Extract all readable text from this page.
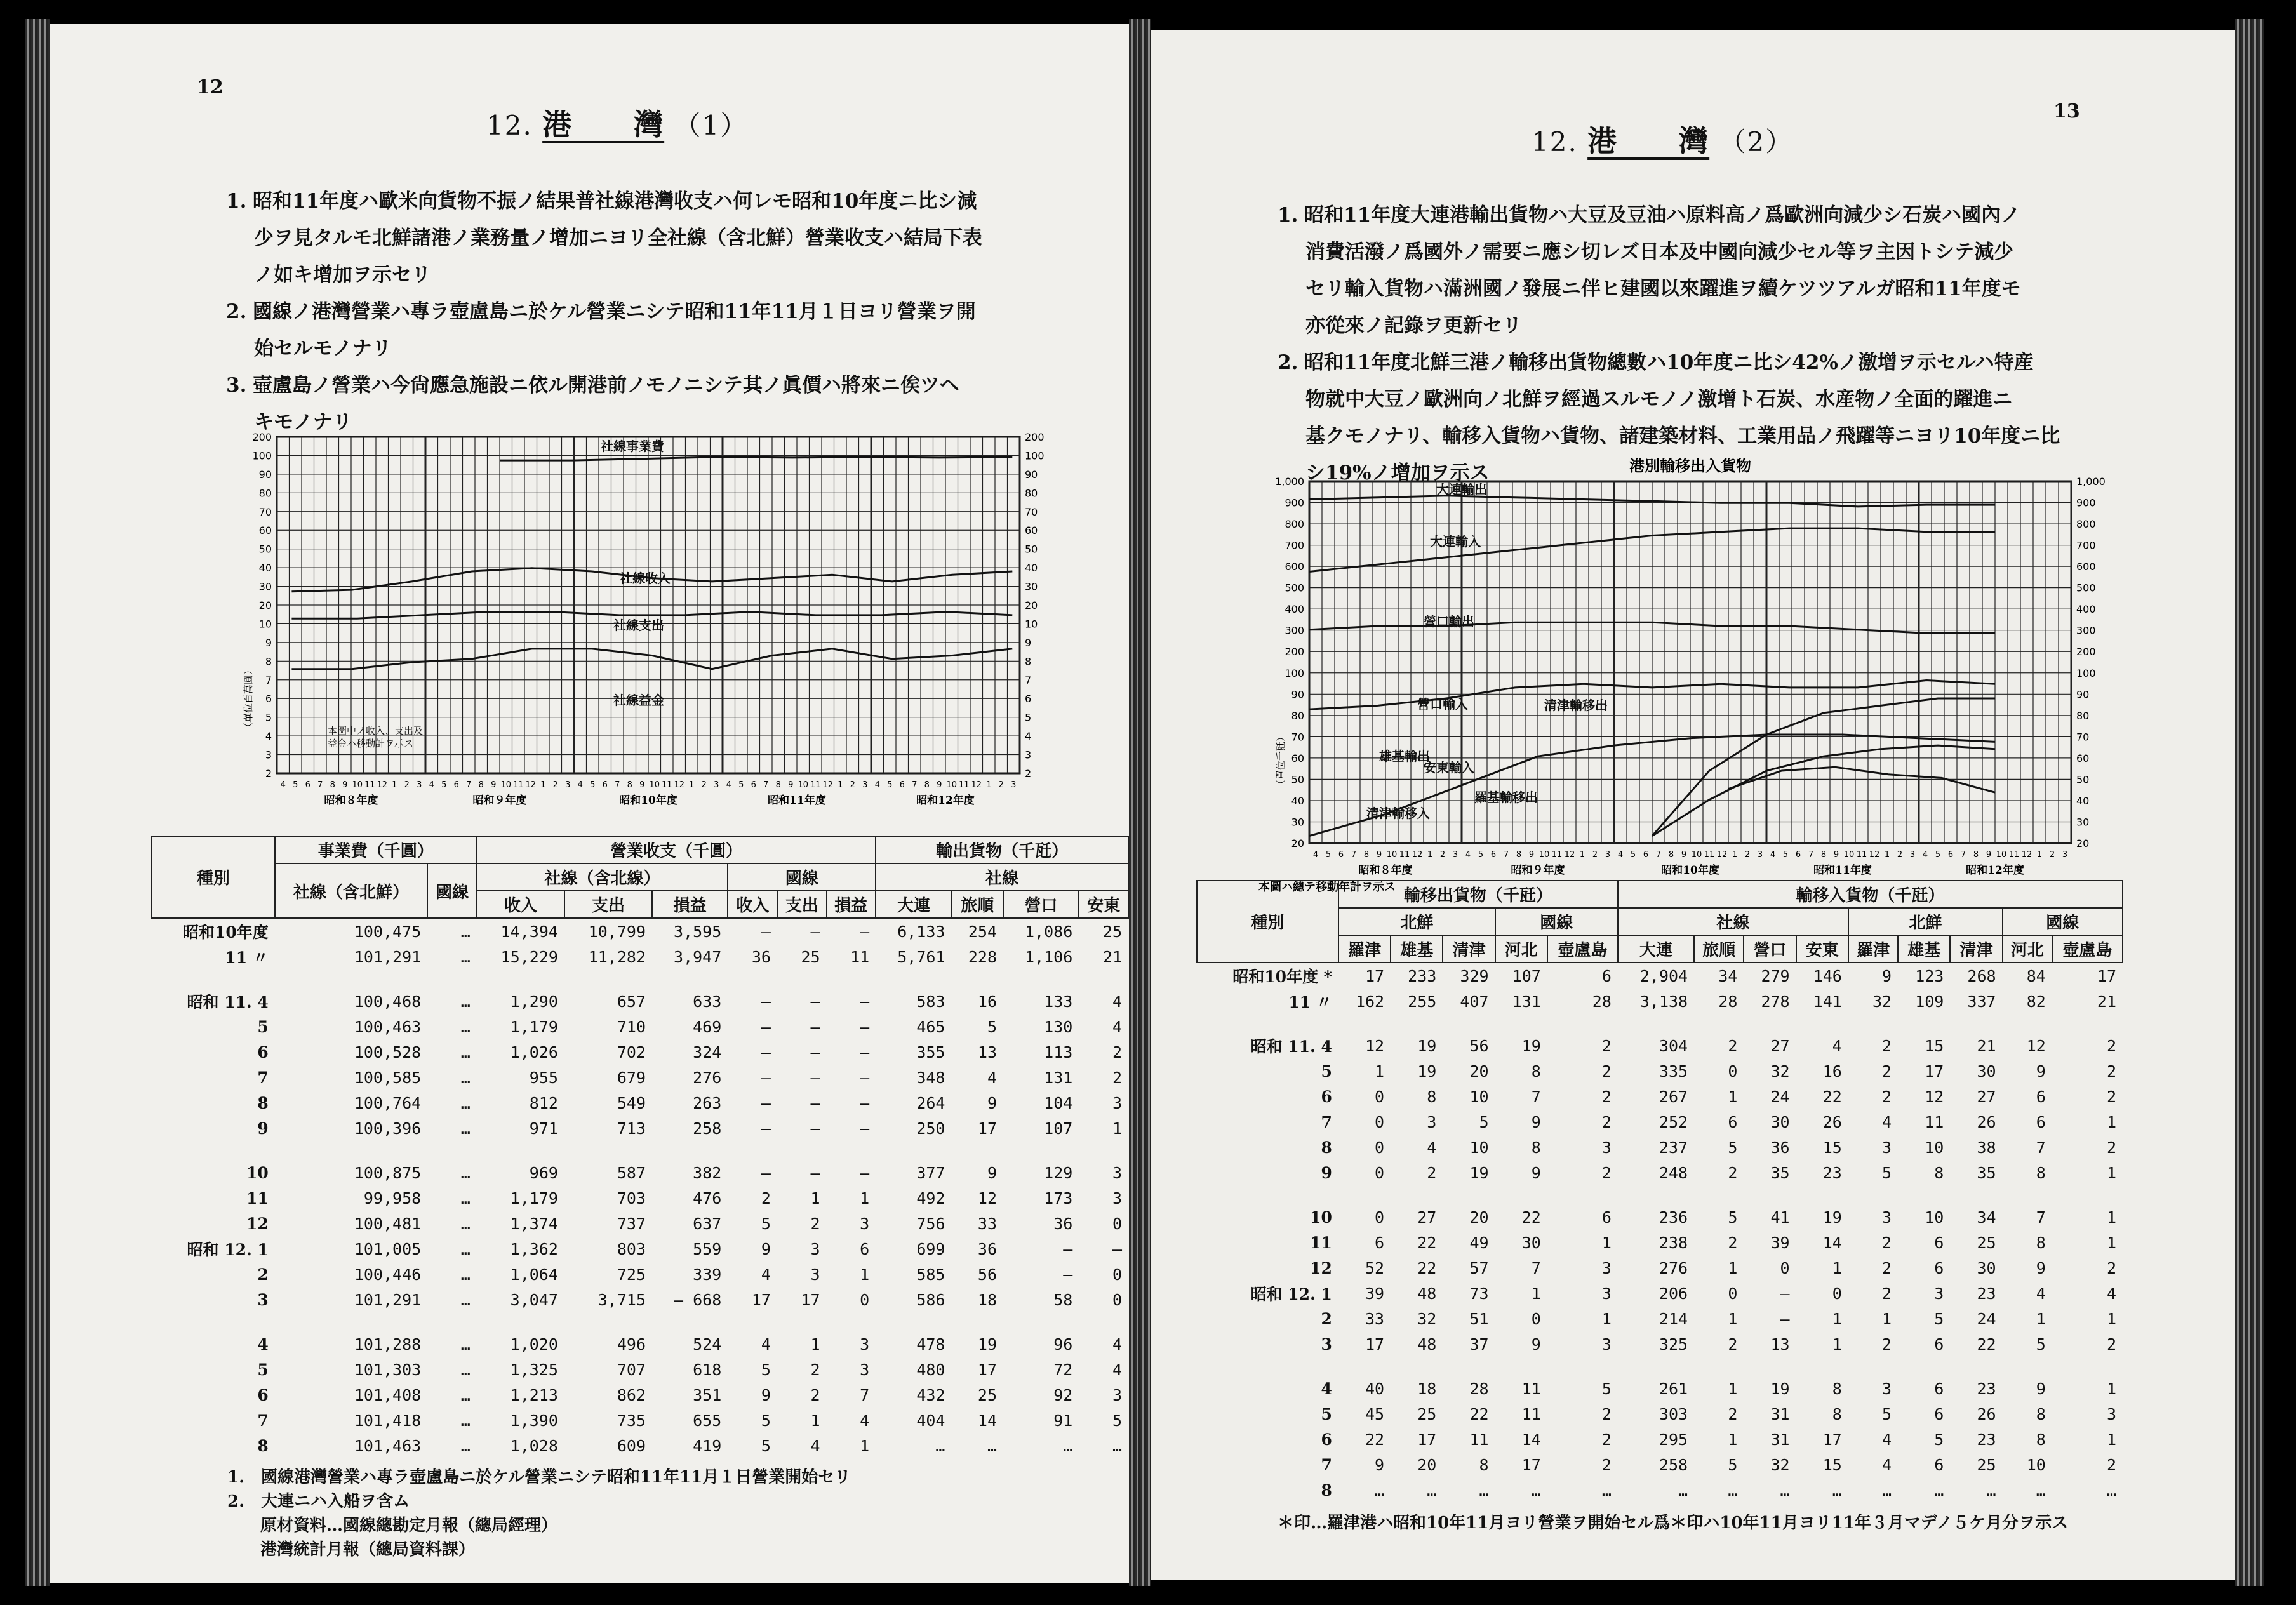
12
12. 港　　灣 （1）
1. 昭和11年度ハ歐米向貨物不振ノ結果普社線港灣收支ハ何レモ昭和10年度ニ比シ減
少ヲ見タルモ北鮮諸港ノ業務量ノ增加ニヨリ全社線（含北鮮）營業收支ハ結局下表
ノ如キ增加ヲ示セリ
2. 國線ノ港灣營業ハ專ラ壺盧島ニ於ケル營業ニシテ昭和11年11月１日ヨリ營業ヲ開
始セルモノナリ
3. 壺盧島ノ營業ハ今尙應急施設ニ依ル開港前ノモノニシテ其ノ眞價ハ將來ニ俟ツヘ
キモノナリ
200	200
100	100
90	90
80	80
70	70
60	60
50	50
40	40
30	30
20	20
10	10
9	9
8	8
7	7
6	6
5	5
4	4
3	3
2	2
4 5 6 7 8 9 10 11 12 1 2 3 4 5 6 7 8 9 10 11 12 1 2 3 4 5 6 7 8 9 10 11 12 1 2 3 4 5 6 7 8 9 10 11 12 1 2 3 4 5 6 7 8 9 10 11 12 1 2 3
昭和８年度	昭和９年度	昭和10年度	昭和11年度	昭和12年度
（單位百萬圓）
社線事業費
社線收入
社線支出
社線益金
本圖中ノ收入、支出及
益金ハ移動計ヲ示ス
種別	事業費（千圓）		營業收支（千圓）						輸出貨物（千瓩）			
	社線（含北鮮）	國線	社線（含北線）			國線			社線			
			收入	支出	損益	收入	支出	損益	大連	旅順	營口	安東
昭和10年度	100,475	…	14,394	10,799	3,595	—	—	—	6,133	254	1,086	25
11 〃	101,291	…	15,229	11,282	3,947	36	25	11	5,761	228	1,106	21

昭和 11. 4	100,468	…	1,290	657	633	—	—	—	583	16	133	4
5	100,463	…	1,179	710	469	—	—	—	465	5	130	4
6	100,528	…	1,026	702	324	—	—	—	355	13	113	2
7	100,585	…	955	679	276	—	—	—	348	4	131	2
8	100,764	…	812	549	263	—	—	—	264	9	104	3
9	100,396	…	971	713	258	—	—	—	250	17	107	1

10	100,875	…	969	587	382	—	—	—	377	9	129	3
11	99,958	…	1,179	703	476	2	1	1	492	12	173	3
12	100,481	…	1,374	737	637	5	2	3	756	33	36	0
昭和 12. 1	101,005	…	1,362	803	559	9	3	6	699	36	—	—
2	100,446	…	1,064	725	339	4	3	1	585	56	—	0
3	101,291	…	3,047	3,715	— 668	17	17	0	586	18	58	0

4	101,288	…	1,020	496	524	4	1	3	478	19	96	4
5	101,303	…	1,325	707	618	5	2	3	480	17	72	4
6	101,408	…	1,213	862	351	9	2	7	432	25	92	3
7	101,418	…	1,390	735	655	5	1	4	404	14	91	5
8	101,463	…	1,028	609	419	5	4	1	…	…	…	…
1.　國線港灣營業ハ專ラ壺盧島ニ於ケル營業ニシテ昭和11年11月１日營業開始セリ
2.　大連ニハ入船ヲ含ム
　　原材資料…國線總勘定月報（總局經理）
　　港灣統計月報（總局資料課）
13
12. 港　　灣 （2）
1. 昭和11年度大連港輸出貨物ハ大豆及豆油ハ原料高ノ爲歐洲向減少シ石炭ハ國內ノ
消費活潑ノ爲國外ノ需要ニ應シ切レズ日本及中國向減少セル等ヲ主因トシテ減少
セリ輸入貨物ハ滿洲國ノ發展ニ伴ヒ建國以來躍進ヲ續ケツツアルガ昭和11年度モ
亦從來ノ記錄ヲ更新セリ
2. 昭和11年度北鮮三港ノ輸移出貨物總數ハ10年度ニ比シ42%ノ激增ヲ示セルハ特産
物就中大豆ノ歐洲向ノ北鮮ヲ經過スルモノノ激增ト石炭、水産物ノ全面的躍進ニ
基クモノナリ、輸移入貨物ハ貨物、諸建築材料、工業用品ノ飛躍等ニヨリ10年度ニ比
シ19%ノ增加ヲ示ス
1,000	1,000
900	900
800	800
700	700
600	600
500	500
400	400
300	300
200	200
100	100
90	90
80	80
70	70
60	60
50	50
40	40
30	30
20	20
4 5 6 7 8 9 10 11 12 1 2 3 4 5 6 7 8 9 10 11 12 1 2 3 4 5 6 7 8 9 10 11 12 1 2 3 4 5 6 7 8 9 10 11 12 1 2 3 4 5 6 7 8 9 10 11 12 1 2 3
昭和８年度	昭和９年度	昭和10年度	昭和11年度	昭和12年度
（單位千瓩）
大連輸出
大連輸入
營口輸出
營口輸入	清津輸移出
雄基輸出
安東輸入
羅基輸移出
清津輸移入
本圖ハ總テ移動年計ヲ示ス
港別輸移出入貨物
種別	輸移出貨物（千瓩）					輸移入貨物（千瓩）								
	北鮮			國線		社線				北鮮			國線	
	羅津	雄基	清津	河北	壺盧島	大連	旅順	營口	安東	羅津	雄基	清津	河北	壺盧島
昭和10年度 *	17	233	329	107	6	2,904	34	279	146	9	123	268	84	17
11 〃	162	255	407	131	28	3,138	28	278	141	32	109	337	82	21

昭和 11. 4	12	19	56	19	2	304	2	27	4	2	15	21	12	2
5	1	19	20	8	2	335	0	32	16	2	17	30	9	2
6	0	8	10	7	2	267	1	24	22	2	12	27	6	2
7	0	3	5	9	2	252	6	30	26	4	11	26	6	1
8	0	4	10	8	3	237	5	36	15	3	10	38	7	2
9	0	2	19	9	2	248	2	35	23	5	8	35	8	1

10	0	27	20	22	6	236	5	41	19	3	10	34	7	1
11	6	22	49	30	1	238	2	39	14	2	6	25	8	1
12	52	22	57	7	3	276	1	0	1	2	6	30	9	2
昭和 12. 1	39	48	73	1	3	206	0	—	0	2	3	23	4	4
2	33	32	51	0	1	214	1	—	1	1	5	24	1	1
3	17	48	37	9	3	325	2	13	1	2	6	22	5	2

4	40	18	28	11	5	261	1	19	8	3	6	23	9	1
5	45	25	22	11	2	303	2	31	8	5	6	26	8	3
6	22	17	11	14	2	295	1	31	17	4	5	23	8	1
7	9	20	8	17	2	258	5	32	15	4	6	25	10	2
8	…	…	…	…	…	…	…	…	…	…	…	…	…	…
＊印…羅津港ハ昭和10年11月ヨリ營業ヲ開始セル爲＊印ハ10年11月ヨリ11年３月マデノ５ケ月分ヲ示ス
